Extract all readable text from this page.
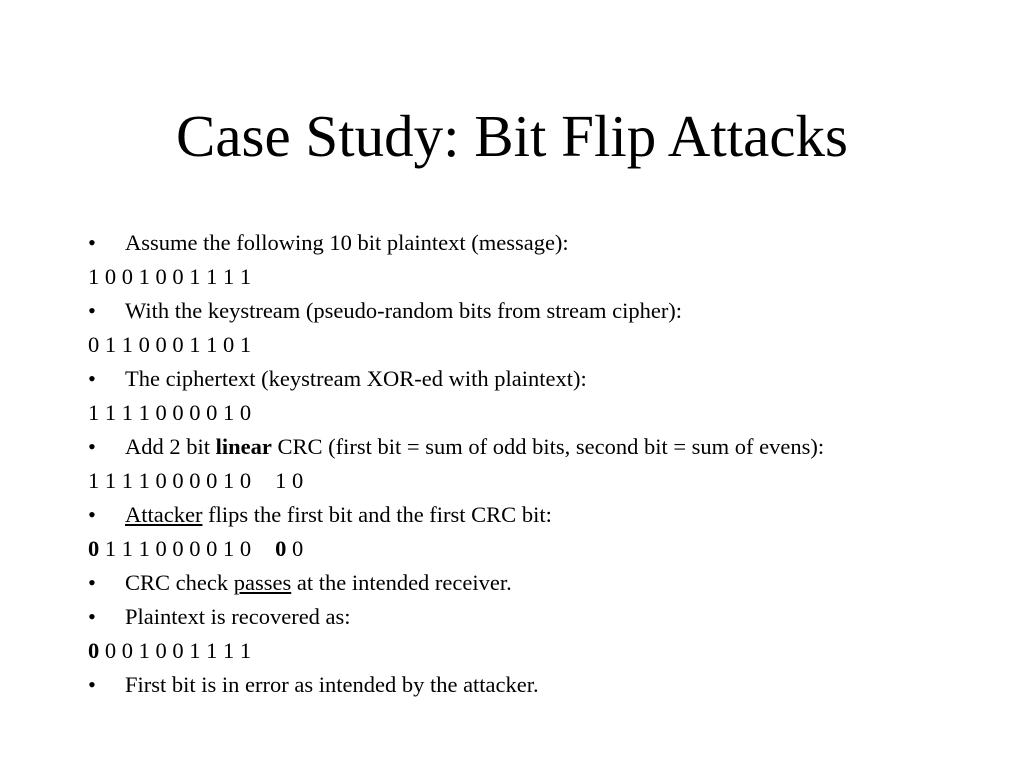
Case Study: Bit Flip Attacks
• Assume the following 10 bit plaintext (message):
1 0 0 1 0 0 1 1 1 1
• With the keystream (pseudo-random bits from stream cipher):
0 1 1 0 0 0 1 1 0 1
• The ciphertext (keystream XOR-ed with plaintext):
1 1 1 1 0 0 0 0 1 0
• Add 2 bit linear CRC (first bit = sum of odd bits, second bit = sum of evens):
1 1 1 1 0 0 0 0 1 0 1 0
• Attacker flips the first bit and the first CRC bit:
0 1 1 1 0 0 0 0 1 0 0 0
• CRC check passes at the intended receiver.
• Plaintext is recovered as:
0 0 0 1 0 0 1 1 1 1
• First bit is in error as intended by the attacker.
